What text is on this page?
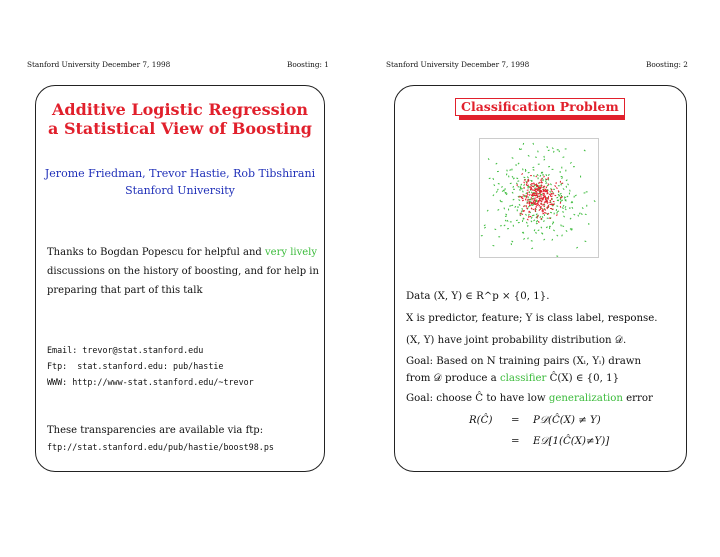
Stanford University December 7, 1998	Boosting: 1
Additive Logistic Regression
a Statistical View of Boosting
Jerome Friedman, Trevor Hastie, Rob Tibshirani
Stanford University
Thanks to Bogdan Popescu for helpful and very lively
discussions on the history of boosting, and for help in
preparing that part of this talk
Email: trevor@stat.stanford.edu
Ftp:  stat.stanford.edu: pub/hastie
WWW: http://www-stat.stanford.edu/~trevor
These transparencies are available via ftp:
ftp://stat.stanford.edu/pub/hastie/boost98.ps
Stanford University December 7, 1998	Boosting: 2
Classification Problem
Data (X, Y) ∈ R^p × {0, 1}.
X is predictor, feature; Y is class label, response.
(X, Y) have joint probability distribution 𝒟.
Goal: Based on N training pairs (Xᵢ, Yᵢ) drawn
from 𝒟 produce a classifier Ĉ(X) ∈ {0, 1}
Goal: choose Ĉ to have low generalization error
R(Ĉ) = P𝒟(Ĉ(X) ≠ Y)
= E𝒟[1(Ĉ(X)≠Y)]
